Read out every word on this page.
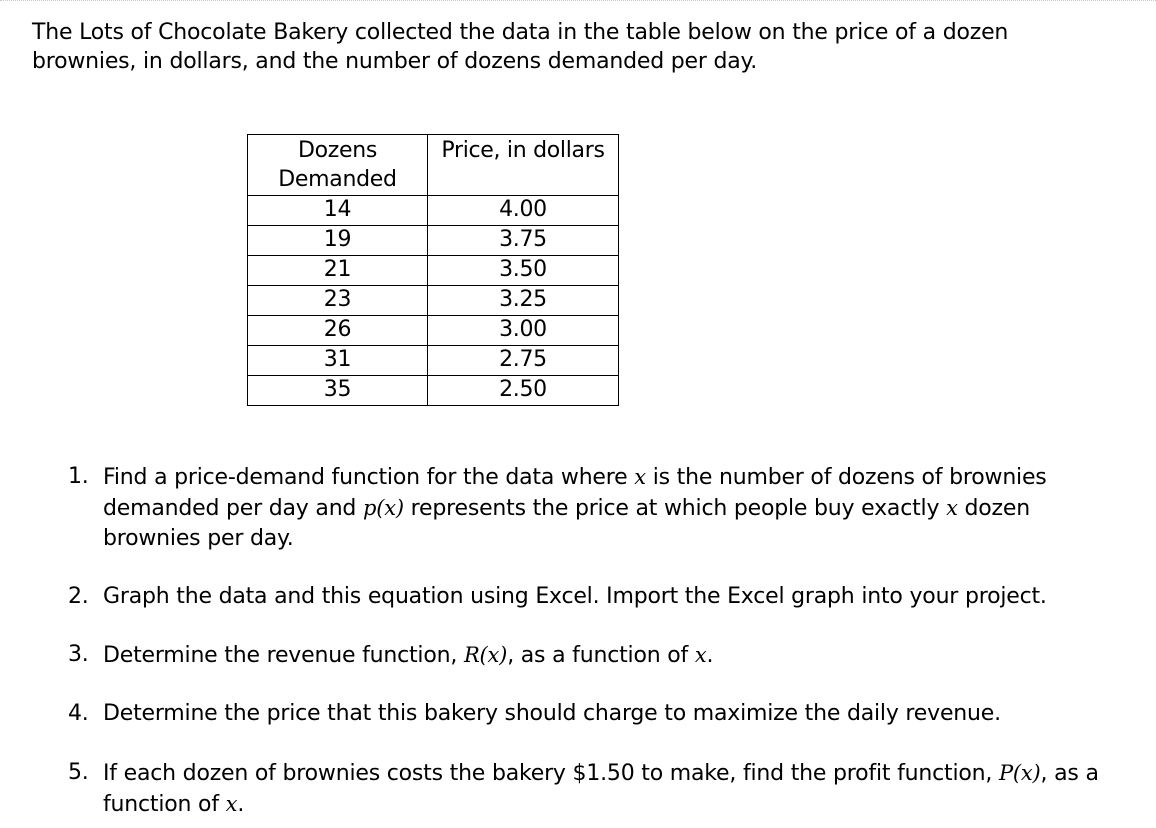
The Lots of Chocolate Bakery collected the data in the table below on the price of a dozen brownies, in dollars, and the number of dozens demanded per day.

Dozens Demanded	Price, in dollars
14	4.00
19	3.75
21	3.50
23	3.25
26	3.00
31	2.75
35	2.50
1. Find a price-demand function for the data where x is the number of dozens of brownies demanded per day and p(x) represents the price at which people buy exactly x dozen brownies per day.
2. Graph the data and this equation using Excel. Import the Excel graph into your project.
3. Determine the revenue function, R(x), as a function of x.
4. Determine the price that this bakery should charge to maximize the daily revenue.
5. If each dozen of brownies costs the bakery $1.50 to make, find the profit function, P(x), as a function of x.
